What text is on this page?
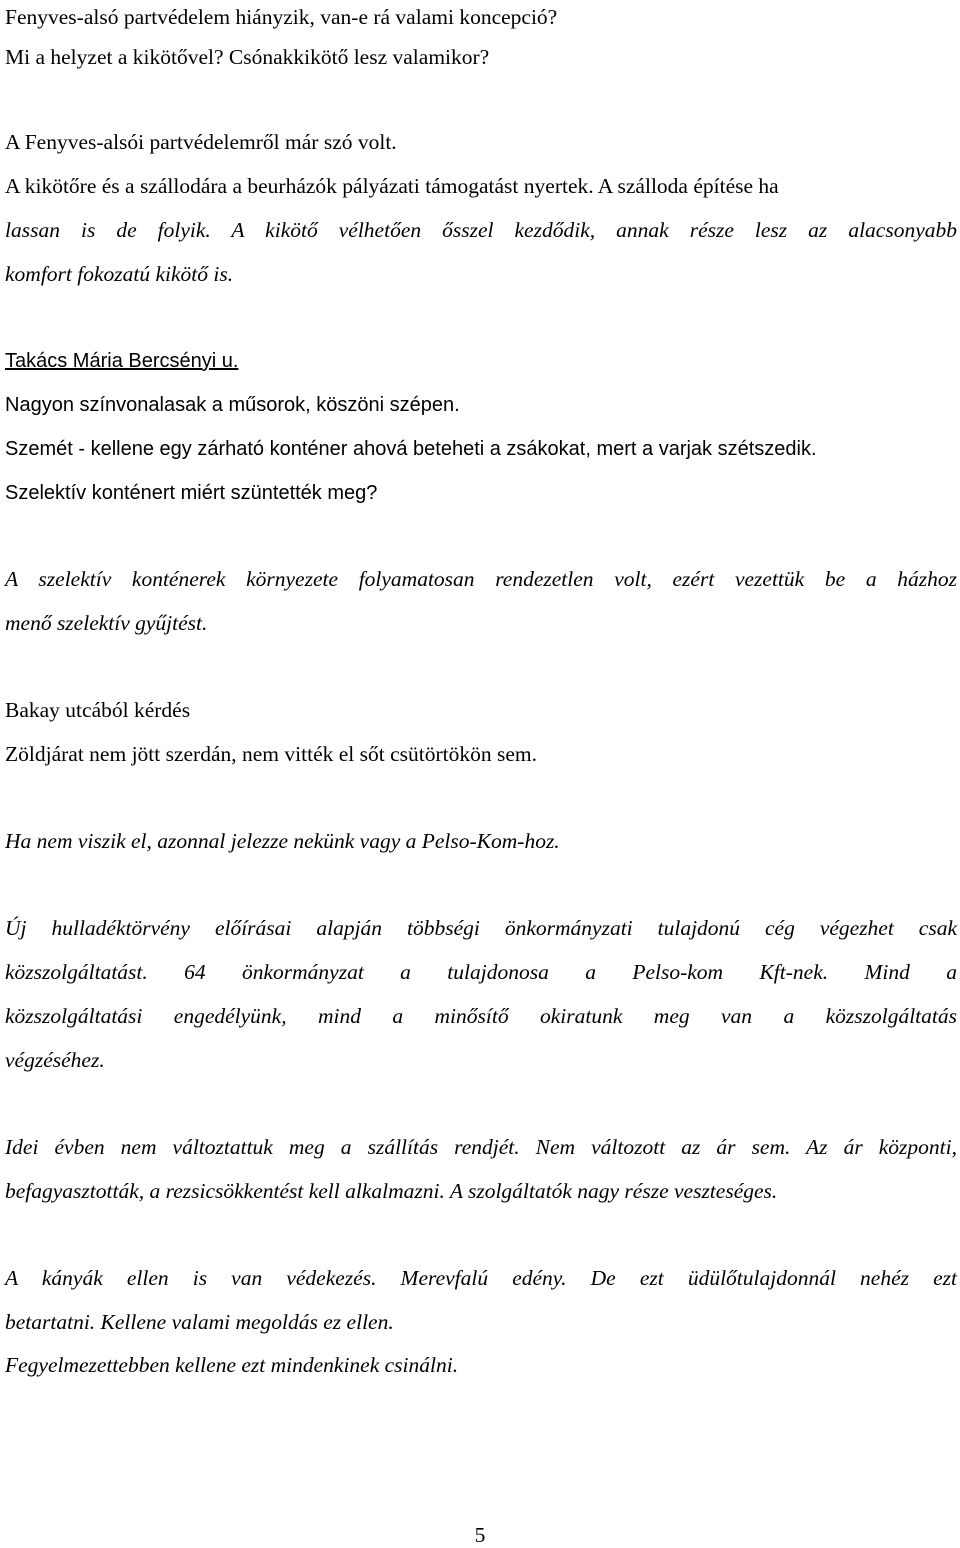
Fenyves-alsó partvédelem hiányzik, van-e rá valami koncepció?
Mi a helyzet a kikötővel? Csónakkikötő lesz valamikor?
A Fenyves-alsói partvédelemről már szó volt.
A kikötőre és a szállodára a beurházók pályázati támogatást nyertek. A szálloda építése ha
lassan is de folyik. A kikötő vélhetően ősszel kezdődik, annak része lesz az alacsonyabb
komfort fokozatú kikötő is.
Takács Mária Bercsényi u.
Nagyon színvonalasak a műsorok, köszöni szépen.
Szemét - kellene egy zárható konténer ahová beteheti a zsákokat, mert a varjak szétszedik.
Szelektív konténert miért szüntették meg?
A szelektív konténerek környezete folyamatosan rendezetlen volt, ezért vezettük be a házhoz
menő szelektív gyűjtést.
Bakay utcából kérdés
Zöldjárat nem jött szerdán, nem vitték el sőt csütörtökön sem.
Ha nem viszik el, azonnal jelezze nekünk vagy a Pelso-Kom-hoz.
Új hulladéktörvény előírásai alapján többségi önkormányzati tulajdonú cég végezhet csak
közszolgáltatást. 64 önkormányzat a tulajdonosa a Pelso-kom Kft-nek. Mind a
közszolgáltatási engedélyünk, mind a minősítő okiratunk meg van a közszolgáltatás
végzéséhez.
Idei évben nem változtattuk meg a szállítás rendjét. Nem változott az ár sem. Az ár központi,
befagyasztották, a rezsicsökkentést kell alkalmazni. A szolgáltatók nagy része veszteséges.
A kányák ellen is van védekezés. Merevfalú edény. De ezt üdülőtulajdonnál nehéz ezt
betartatni. Kellene valami megoldás ez ellen.
Fegyelmezettebben kellene ezt mindenkinek csinálni.
5
